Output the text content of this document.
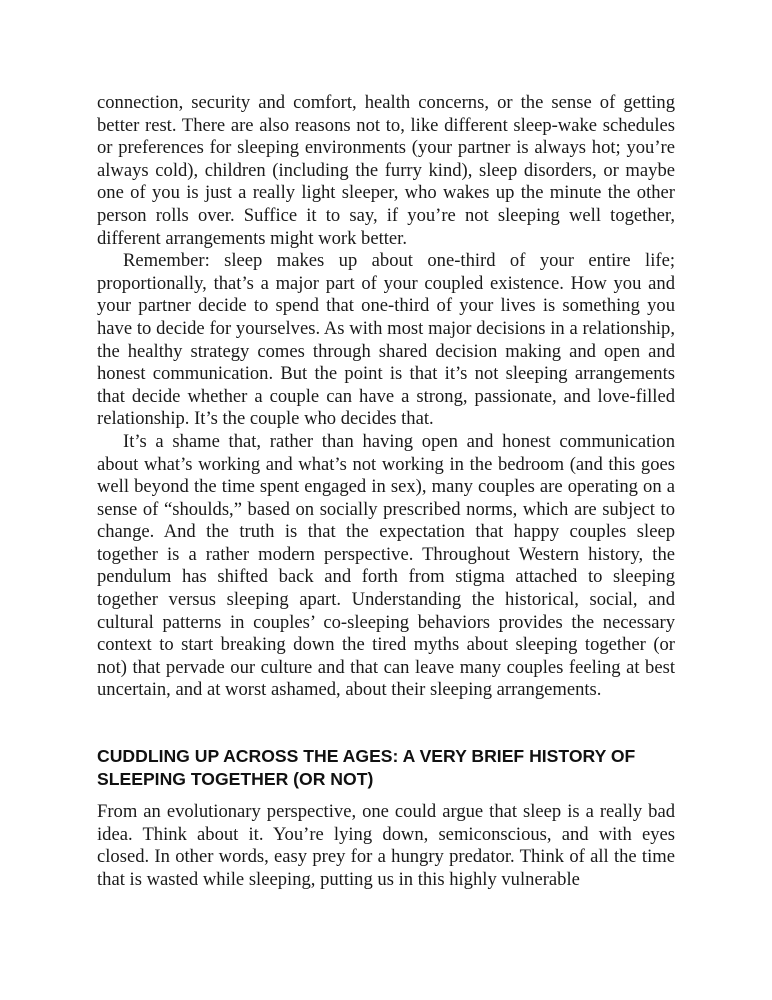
connection, security and comfort, health concerns, or the sense of getting better rest. There are also reasons not to, like different sleep-wake schedules or preferences for sleeping environments (your partner is always hot; you’re always cold), children (including the furry kind), sleep disorders, or maybe one of you is just a really light sleeper, who wakes up the minute the other person rolls over. Suffice it to say, if you’re not sleeping well together, different arrangements might work better.

Remember: sleep makes up about one-third of your entire life; proportionally, that’s a major part of your coupled existence. How you and your partner decide to spend that one-third of your lives is something you have to decide for yourselves. As with most major decisions in a relationship, the healthy strategy comes through shared decision making and open and honest communication. But the point is that it’s not sleeping arrangements that decide whether a couple can have a strong, passionate, and love-filled relationship. It’s the couple who decides that.

It’s a shame that, rather than having open and honest communication about what’s working and what’s not working in the bedroom (and this goes well beyond the time spent engaged in sex), many couples are operating on a sense of “shoulds,” based on socially prescribed norms, which are subject to change. And the truth is that the expectation that happy couples sleep together is a rather modern perspective. Throughout Western history, the pendulum has shifted back and forth from stigma attached to sleeping together versus sleeping apart. Understanding the historical, social, and cultural patterns in couples’ co-sleeping behaviors provides the necessary context to start breaking down the tired myths about sleeping together (or not) that pervade our culture and that can leave many couples feeling at best uncertain, and at worst ashamed, about their sleeping arrangements.

CUDDLING UP ACROSS THE AGES: A VERY BRIEF HISTORY OF SLEEPING TOGETHER (OR NOT)

From an evolutionary perspective, one could argue that sleep is a really bad idea. Think about it. You’re lying down, semiconscious, and with eyes closed. In other words, easy prey for a hungry predator. Think of all the time that is wasted while sleeping, putting us in this highly vulnerable
